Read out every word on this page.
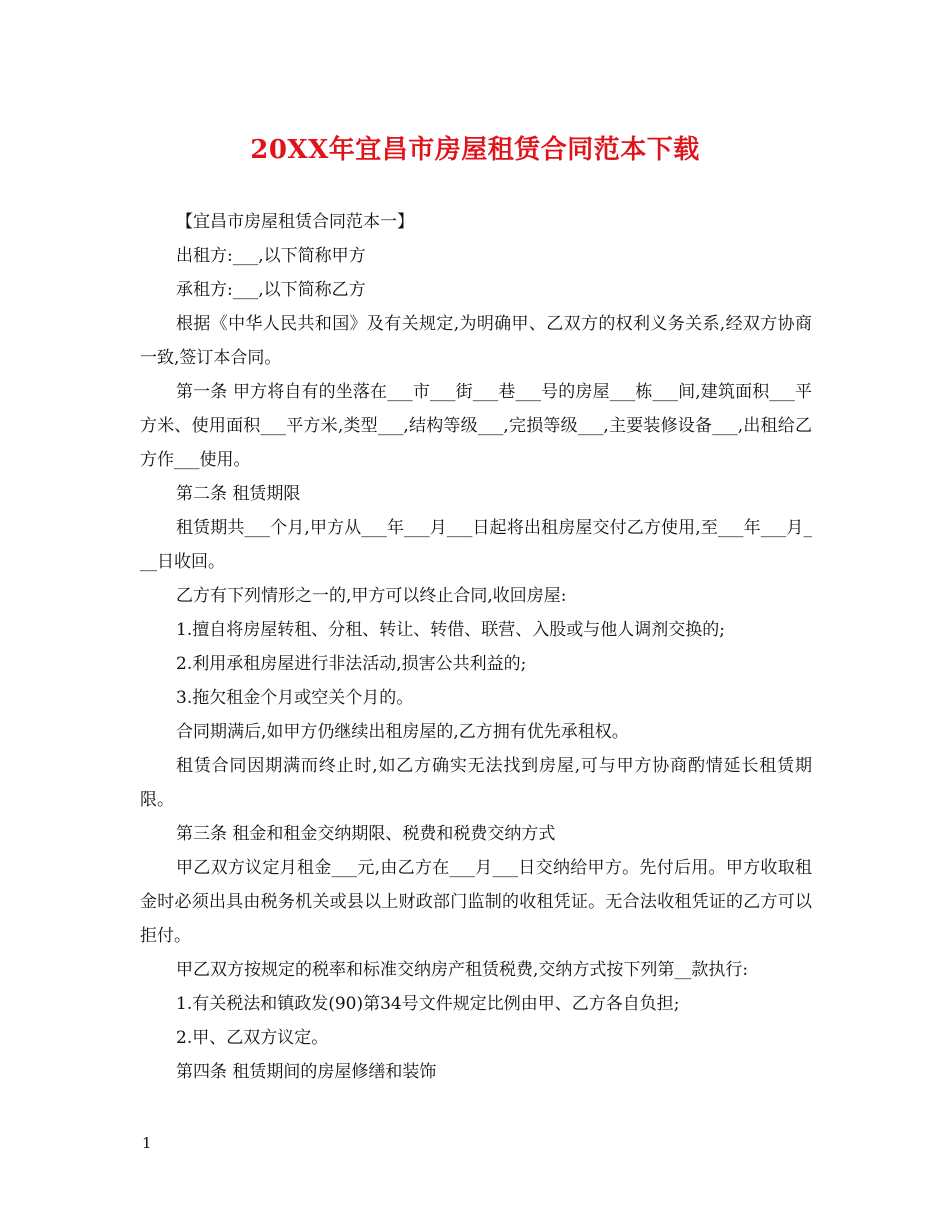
20XX年宜昌市房屋租赁合同范本下载

【宜昌市房屋租赁合同范本一】

出租方:___,以下简称甲方

承租方:___,以下简称乙方

根据《中华人民共和国》及有关规定,为明确甲、乙双方的权利义务关系,经双方协商一致,签订本合同。

第一条 甲方将自有的坐落在___市___街___巷___号的房屋___栋___间,建筑面积___平方米、使用面积___平方米,类型___,结构等级___,完损等级___,主要装修设备___,出租给乙方作___使用。

第二条 租赁期限

租赁期共___个月,甲方从___年___月___日起将出租房屋交付乙方使用,至___年___月___日收回。

乙方有下列情形之一的,甲方可以终止合同,收回房屋:

1.擅自将房屋转租、分租、转让、转借、联营、入股或与他人调剂交换的;

2.利用承租房屋进行非法活动,损害公共利益的;

3.拖欠租金个月或空关个月的。

合同期满后,如甲方仍继续出租房屋的,乙方拥有优先承租权。

租赁合同因期满而终止时,如乙方确实无法找到房屋,可与甲方协商酌情延长租赁期限。

第三条 租金和租金交纳期限、税费和税费交纳方式

甲乙双方议定月租金___元,由乙方在___月___日交纳给甲方。先付后用。甲方收取租金时必须出具由税务机关或县以上财政部门监制的收租凭证。无合法收租凭证的乙方可以拒付。

甲乙双方按规定的税率和标准交纳房产租赁税费,交纳方式按下列第__款执行:

1.有关税法和镇政发(90)第34号文件规定比例由甲、乙方各自负担;

2.甲、乙双方议定。

第四条 租赁期间的房屋修缮和装饰

1
